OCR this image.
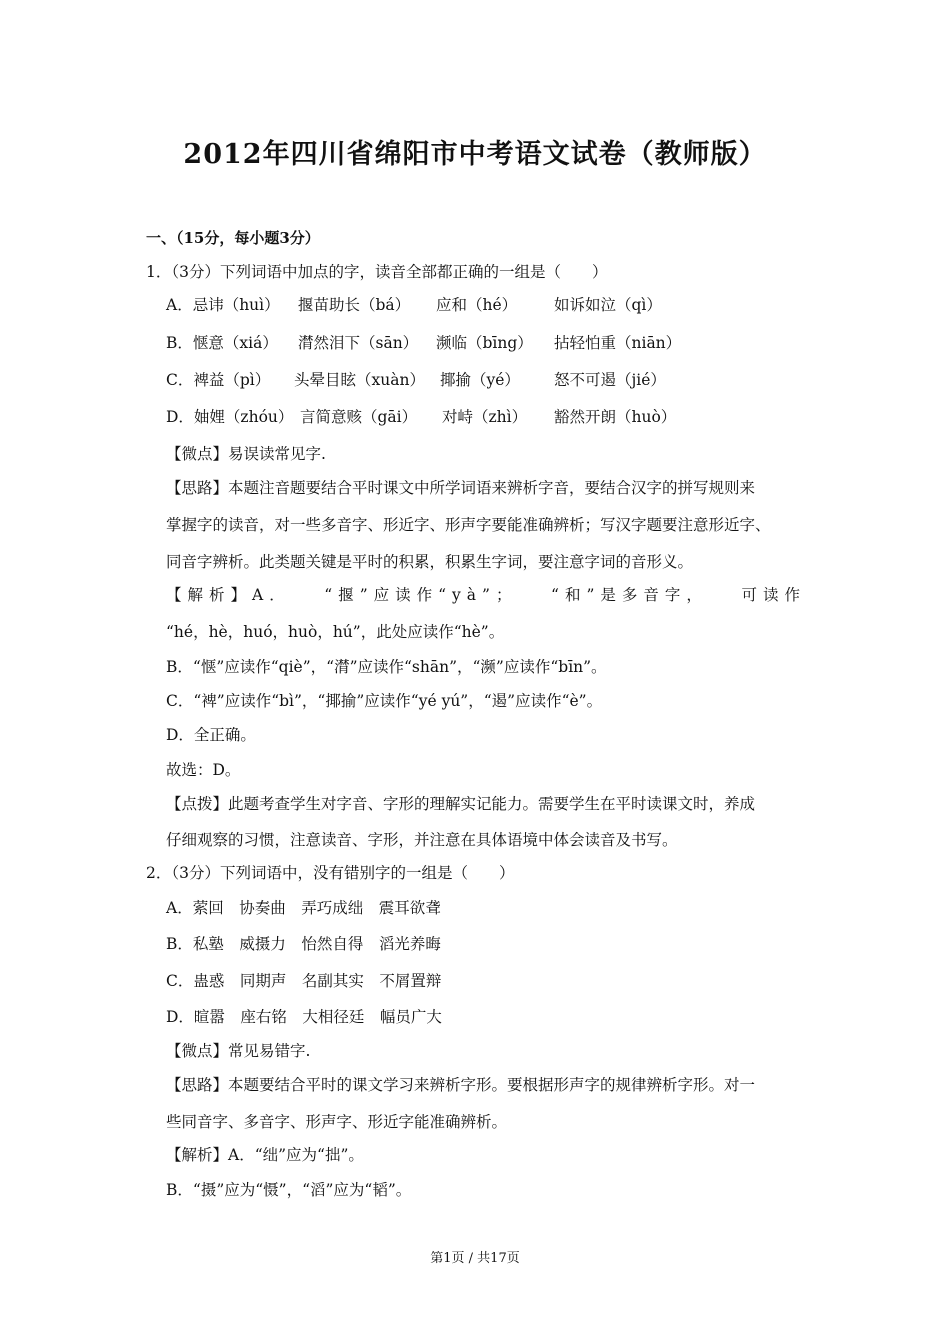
2012年四川省绵阳市中考语文试卷（教师版）
一、（15分，每小题3分）
1．（3分）下列词语中加点的字，读音全部都正确的一组是（　　）
A．忌讳（huì） 揠苗助长（bá） 应和（hé） 如诉如泣（qì）
B．惬意（xiá） 潸然泪下（sān） 濒临（bīng） 拈轻怕重（niān）
C．裨益（pì） 头晕目眩（xuàn） 揶揄（yé） 怒不可遏（jié）
D．妯娌（zhóu） 言简意赅（gāi） 对峙（zhì） 豁然开朗（huò）
【微点】易误读常见字.
【思路】本题注音题要结合平时课文中所学词语来辨析字音，要结合汉字的拼写规则来
掌握字的读音，对一些多音字、形近字、形声字要能准确辨析；写汉字题要注意形近字、
同音字辨析。此类题关键是平时的积累，积累生字词，要注意字词的音形义。
【解析】A． “揠”应读作“yà”； “和”是多音字， 可读作
“hé，hè，huó，huò，hú”，此处应读作“hè”。
B．“惬”应读作“qiè”，“潸”应读作“shān”，“濒”应读作“bīn”。
C．“裨”应读作“bì”，“揶揄”应读作“yé yú”，“遏”应读作“è”。
D．全正确。
故选：D。
【点拨】此题考查学生对字音、字形的理解实记能力。需要学生在平时读课文时，养成
仔细观察的习惯，注意读音、字形，并注意在具体语境中体会读音及书写。
2．（3分）下列词语中，没有错别字的一组是（　　）
A．萦回　协奏曲　弄巧成绌　震耳欲聋
B．私塾　威摄力　怡然自得　滔光养晦
C．蛊惑　同期声　名副其实　不屑置辩
D．暄嚣　座右铭　大相径廷　幅员广大
【微点】常见易错字.
【思路】本题要结合平时的课文学习来辨析字形。要根据形声字的规律辨析字形。对一
些同音字、多音字、形声字、形近字能准确辨析。
【解析】A．“绌”应为“拙”。
B．“摄”应为“慑”，“滔”应为“韬”。
第1页 / 共17页
